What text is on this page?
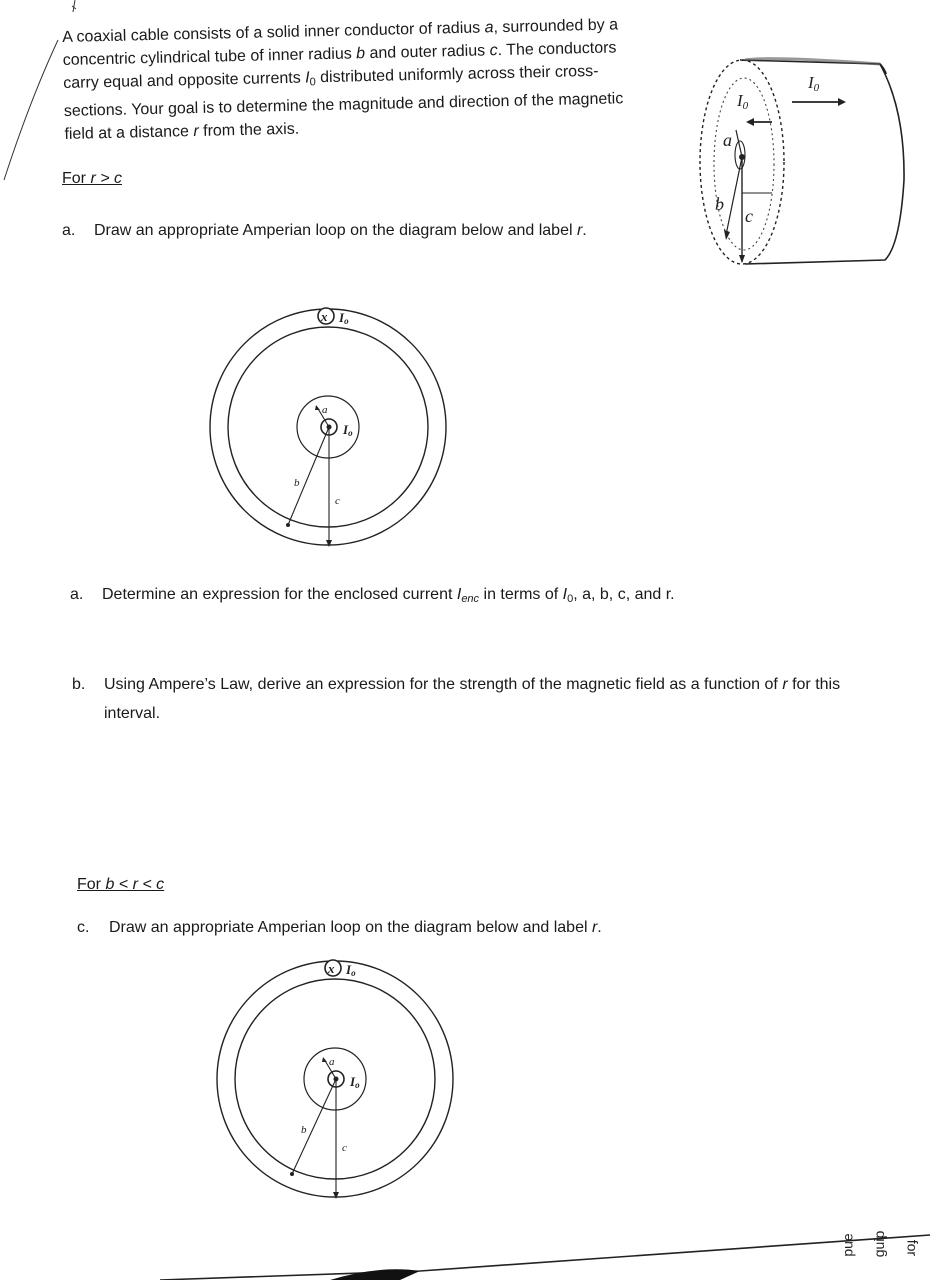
A coaxial cable consists of a solid inner conductor of radius a, surrounded by a
concentric cylindrical tube of inner radius b and outer radius c. The conductors
carry equal and opposite currents $I_0$ distributed uniformly across their cross-
sections. Your goal is to determine the magnitude and direction of the magnetic
field at a distance r from the axis.
For r > c
a.	Draw an appropriate Amperian loop on the diagram below and label r.
x Io
Io
a
b
c
a.	Determine an expression for the enclosed current $I_{enc}$ in terms of $I_0$, a, b, c, and r.
b.	Using Ampere’s Law, derive an expression for the strength of the magnetic field as a function of r for this
interval.
For b < r < c
c.	Draw an appropriate Amperian loop on the diagram below and label r.
x Io
Io
a
b
c
I0
I0
a
b
c
pue guip ɹoɟ
